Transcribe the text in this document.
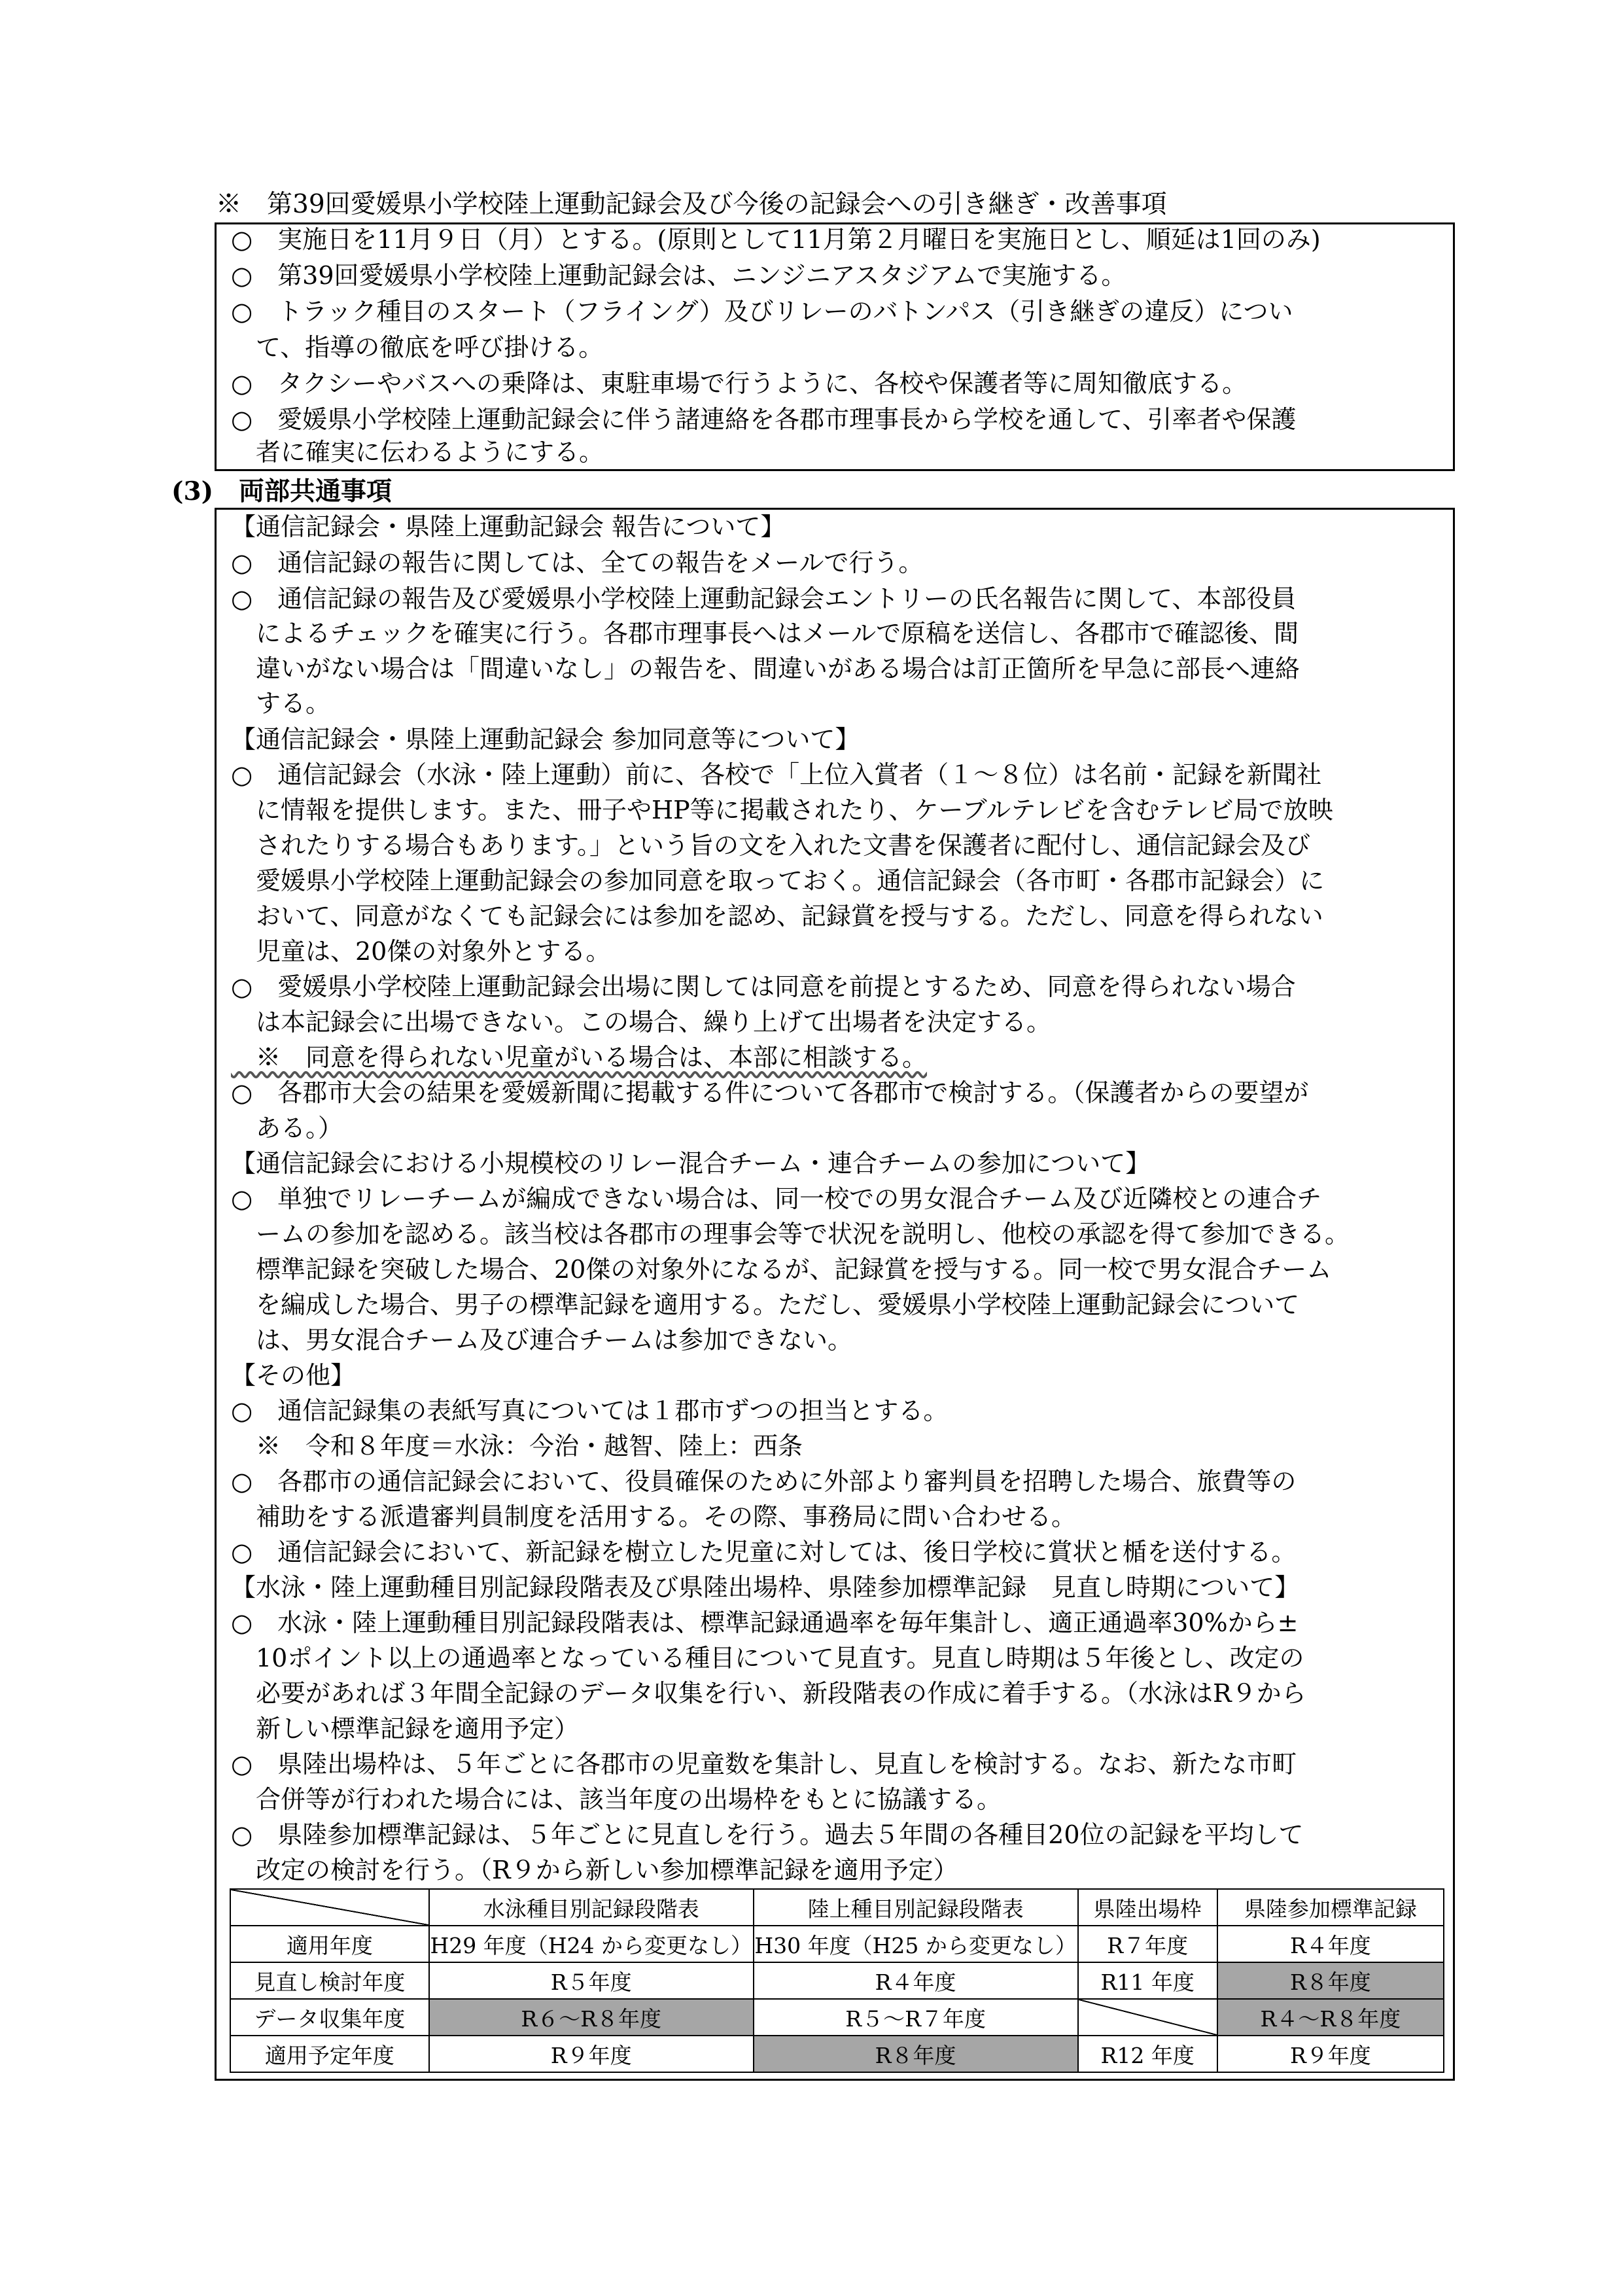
※　第39回愛媛県小学校陸上運動記録会及び今後の記録会への引き継ぎ・改善事項
○　実施日を11月９日（月）とする。(原則として11月第２月曜日を実施日とし、順延は1回のみ)
○　第39回愛媛県小学校陸上運動記録会は、ニンジニアスタジアムで実施する。
○　トラック種目のスタート（フライング）及びリレーのバトンパス（引き継ぎの違反）につい
　て、指導の徹底を呼び掛ける。
○　タクシーやバスへの乗降は、東駐車場で行うように、各校や保護者等に周知徹底する。
○　愛媛県小学校陸上運動記録会に伴う諸連絡を各郡市理事長から学校を通して、引率者や保護
　者に確実に伝わるようにする。
(3) 両部共通事項
【通信記録会・県陸上運動記録会 報告について】
○　通信記録の報告に関しては、全ての報告をメールで行う。
○　通信記録の報告及び愛媛県小学校陸上運動記録会エントリーの氏名報告に関して、本部役員
　によるチェックを確実に行う。各郡市理事長へはメールで原稿を送信し、各郡市で確認後、間
　違いがない場合は「間違いなし」の報告を、間違いがある場合は訂正箇所を早急に部長へ連絡
　する。
【通信記録会・県陸上運動記録会 参加同意等について】
○　通信記録会（水泳・陸上運動）前に、各校で「上位入賞者（１～８位）は名前・記録を新聞社
　に情報を提供します。また、冊子やHP等に掲載されたり、ケーブルテレビを含むテレビ局で放映
　されたりする場合もあります。」という旨の文を入れた文書を保護者に配付し、通信記録会及び
　愛媛県小学校陸上運動記録会の参加同意を取っておく。通信記録会（各市町・各郡市記録会）に
　おいて、同意がなくても記録会には参加を認め、記録賞を授与する。ただし、同意を得られない
　児童は、20傑の対象外とする。
○　愛媛県小学校陸上運動記録会出場に関しては同意を前提とするため、同意を得られない場合
　は本記録会に出場できない。この場合、繰り上げて出場者を決定する。
　※　同意を得られない児童がいる場合は、本部に相談する。
○　各郡市大会の結果を愛媛新聞に掲載する件について各郡市で検討する。（保護者からの要望が
　ある。）
【通信記録会における小規模校のリレー混合チーム・連合チームの参加について】
○　単独でリレーチームが編成できない場合は、同一校での男女混合チーム及び近隣校との連合チ
　ームの参加を認める。該当校は各郡市の理事会等で状況を説明し、他校の承認を得て参加できる。
　標準記録を突破した場合、20傑の対象外になるが、記録賞を授与する。同一校で男女混合チーム
　を編成した場合、男子の標準記録を適用する。ただし、愛媛県小学校陸上運動記録会について
　は、男女混合チーム及び連合チームは参加できない。
【その他】
○　通信記録集の表紙写真については１郡市ずつの担当とする。
　※　令和８年度＝水泳：今治・越智、陸上：西条
○　各郡市の通信記録会において、役員確保のために外部より審判員を招聘した場合、旅費等の
　補助をする派遣審判員制度を活用する。その際、事務局に問い合わせる。
○　通信記録会において、新記録を樹立した児童に対しては、後日学校に賞状と楯を送付する。
【水泳・陸上運動種目別記録段階表及び県陸出場枠、県陸参加標準記録　見直し時期について】
○　水泳・陸上運動種目別記録段階表は、標準記録通過率を毎年集計し、適正通過率30%から±
　10ポイント以上の通過率となっている種目について見直す。見直し時期は５年後とし、改定の
　必要があれば３年間全記録のデータ収集を行い、新段階表の作成に着手する。（水泳はR９から
　新しい標準記録を適用予定）
○　県陸出場枠は、５年ごとに各郡市の児童数を集計し、見直しを検討する。なお、新たな市町
　合併等が行われた場合には、該当年度の出場枠をもとに協議する。
○　県陸参加標準記録は、５年ごとに見直しを行う。過去５年間の各種目20位の記録を平均して
　改定の検討を行う。（R９から新しい参加標準記録を適用予定）
	水泳種目別記録段階表	陸上種目別記録段階表	県陸出場枠	県陸参加標準記録
適用年度	H29 年度（H24 から変更なし）	H30 年度（H25 から変更なし）	R７年度	R４年度
見直し検討年度	R５年度	R４年度	R11 年度	R８年度
データ収集年度	R６～R８年度	R５～R７年度		R４～R８年度
適用予定年度	R９年度	R８年度	R12 年度	R９年度
